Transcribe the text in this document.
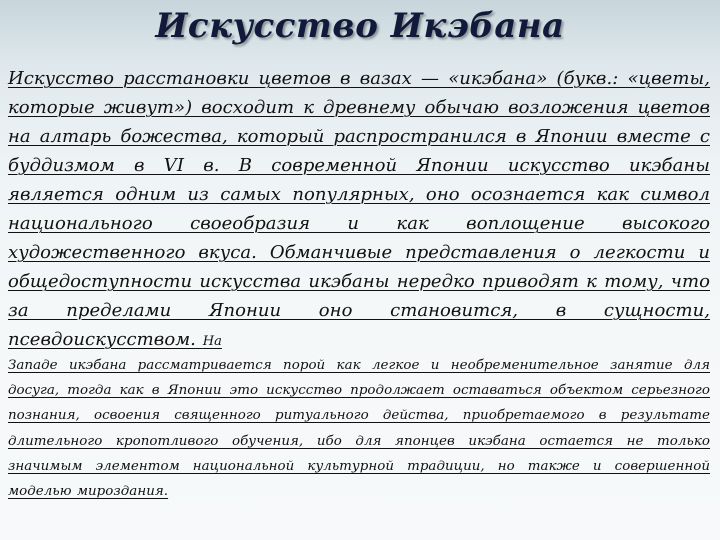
Искусство Икэбана
Искусство расстановки цветов в вазах — «икэбана» (букв.: «цветы, которые живут») восходит к древнему обычаю возложения цветов на алтарь божества, который распространился в Японии вместе с буддизмом в VI в. В современной Японии искусство икэбаны является одним из самых популярных, оно осознается как символ национального своеобразия и как воплощение высокого художественного вкуса. Обманчивые представления о легкости и общедоступности искусства икэбаны нередко приводят к тому, что за пределами Японии оно становится, в сущности, псевдоискусством. На
Западе икэбана рассматривается порой как легкое и необременительное занятие для досуга, тогда как в Японии это искусство продолжает оставаться объектом серьезного познания, освоения священного ритуального действа, приобретаемого в результате длительного кропотливого обучения, ибо для японцев икэбана остается не только значимым элементом национальной культурной традиции, но также и совершенной моделью мироздания.
